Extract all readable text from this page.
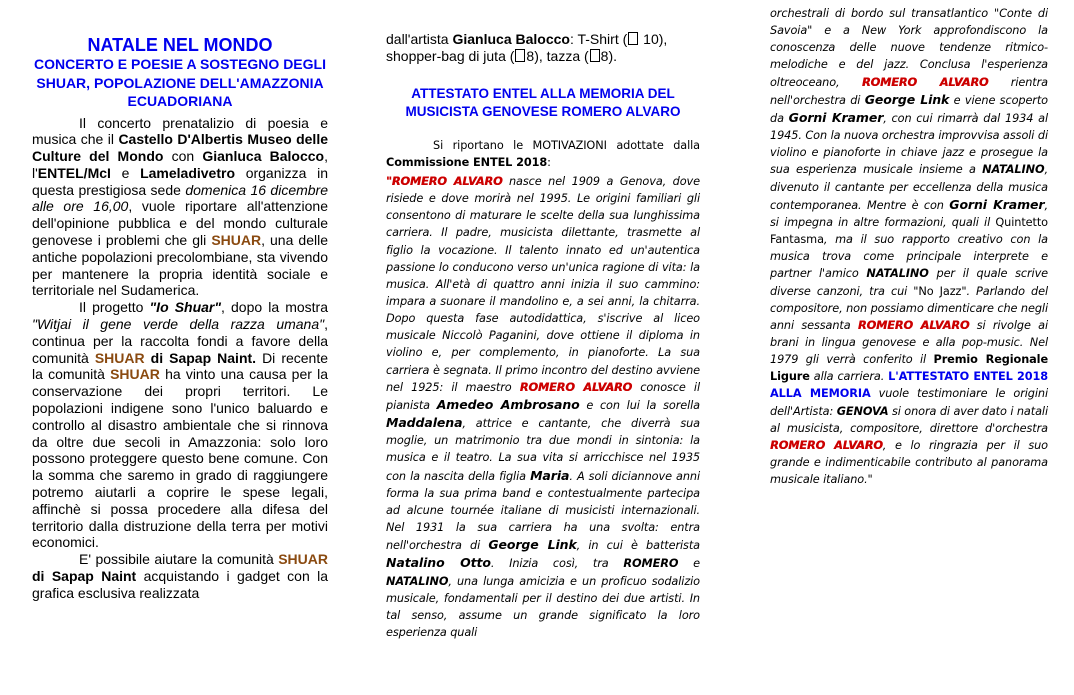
NATALE NEL MONDO
CONCERTO E POESIE A SOSTEGNO DEGLI SHUAR, POPOLAZIONE DELL'AMAZZONIA ECUADORIANA

Il concerto prenatalizio di poesia e musica che il Castello D'Albertis Museo delle Culture del Mondo con Gianluca Balocco, l'ENTEL/McI e Lameladivetro organizza in questa prestigiosa sede domenica 16 dicembre alle ore 16,00, vuole riportare all'attenzione dell'opinione pubblica e del mondo culturale genovese i problemi che gli SHUAR, una delle antiche popolazioni precolombiane, sta vivendo per mantenere la propria identità sociale e territoriale nel Sudamerica.

Il progetto "Io Shuar", dopo la mostra "Witjai il gene verde della razza umana", continua per la raccolta fondi a favore della comunità SHUAR di Sapap Naint. Di recente la comunità SHUAR ha vinto una causa per la conservazione dei propri territori. Le popolazioni indigene sono l'unico baluardo e controllo al disastro ambientale che si rinnova da oltre due secoli in Amazzonia: solo loro possono proteggere questo bene comune. Con la somma che saremo in grado di raggiungere potremo aiutarli a coprire le spese legali, affinchè si possa procedere alla difesa del territorio dalla distruzione della terra per motivi economici.

E' possibile aiutare la comunità SHUAR di Sapap Naint acquistando i gadget con la grafica esclusiva realizzata

dall'artista Gianluca Balocco: T-Shirt ( 10), shopper-bag di juta ( 8), tazza ( 8).

ATTESTATO ENTEL ALLA MEMORIA DEL MUSICISTA GENOVESE ROMERO ALVARO

Si riportano le MOTIVAZIONI adottate dalla Commissione ENTEL 2018:

"ROMERO ALVARO nasce nel 1909 a Genova, dove risiede e dove morirà nel 1995. Le origini familiari gli consentono di maturare le scelte della sua lunghissima carriera. Il padre, musicista dilettante, trasmette al figlio la vocazione. Il talento innato ed un'autentica passione lo conducono verso un'unica ragione di vita: la musica. All'età di quattro anni inizia il suo cammino: impara a suonare il mandolino e, a sei anni, la chitarra. Dopo questa fase autodidattica, s'iscrive al liceo musicale Niccolò Paganini, dove ottiene il diploma in violino e, per complemento, in pianoforte. La sua carriera è segnata. Il primo incontro del destino avviene nel 1925: il maestro ROMERO ALVARO conosce il pianista Amedeo Ambrosano e con lui la sorella Maddalena, attrice e cantante, che diverrà sua moglie, un matrimonio tra due mondi in sintonia: la musica e il teatro. La sua vita si arricchisce nel 1935 con la nascita della figlia Maria. A soli diciannove anni forma la sua prima band e contestualmente partecipa ad alcune tournée italiane di musicisti internazionali. Nel 1931 la sua carriera ha una svolta: entra nell'orchestra di George Link, in cui è batterista Natalino Otto. Inizia così, tra ROMERO e NATALINO, una lunga amicizia e un proficuo sodalizio musicale, fondamentali per il destino dei due artisti. In tal senso, assume un grande significato la loro esperienza quali

orchestrali di bordo sul transatlantico "Conte di Savoia" e a New York approfondiscono la conoscenza delle nuove tendenze ritmico-melodiche e del jazz. Conclusa l'esperienza oltreoceano, ROMERO ALVARO rientra nell'orchestra di George Link e viene scoperto da Gorni Kramer, con cui rimarrà dal 1934 al 1945. Con la nuova orchestra improvvisa assoli di violino e pianoforte in chiave jazz e prosegue la sua esperienza musicale insieme a NATALINO, divenuto il cantante per eccellenza della musica contemporanea. Mentre è con Gorni Kramer, si impegna in altre formazioni, quali il Quintetto Fantasma, ma il suo rapporto creativo con la musica trova come principale interprete e partner l'amico NATALINO per il quale scrive diverse canzoni, tra cui "No Jazz". Parlando del compositore, non possiamo dimenticare che negli anni sessanta ROMERO ALVARO si rivolge ai brani in lingua genovese e alla pop-music. Nel 1979 gli verrà conferito il Premio Regionale Ligure alla carriera. L'ATTESTATO ENTEL 2018 ALLA MEMORIA vuole testimoniare le origini dell'Artista: GENOVA si onora di aver dato i natali al musicista, compositore, direttore d'orchestra ROMERO ALVARO, e lo ringrazia per il suo grande e indimenticabile contributo al panorama musicale italiano."
